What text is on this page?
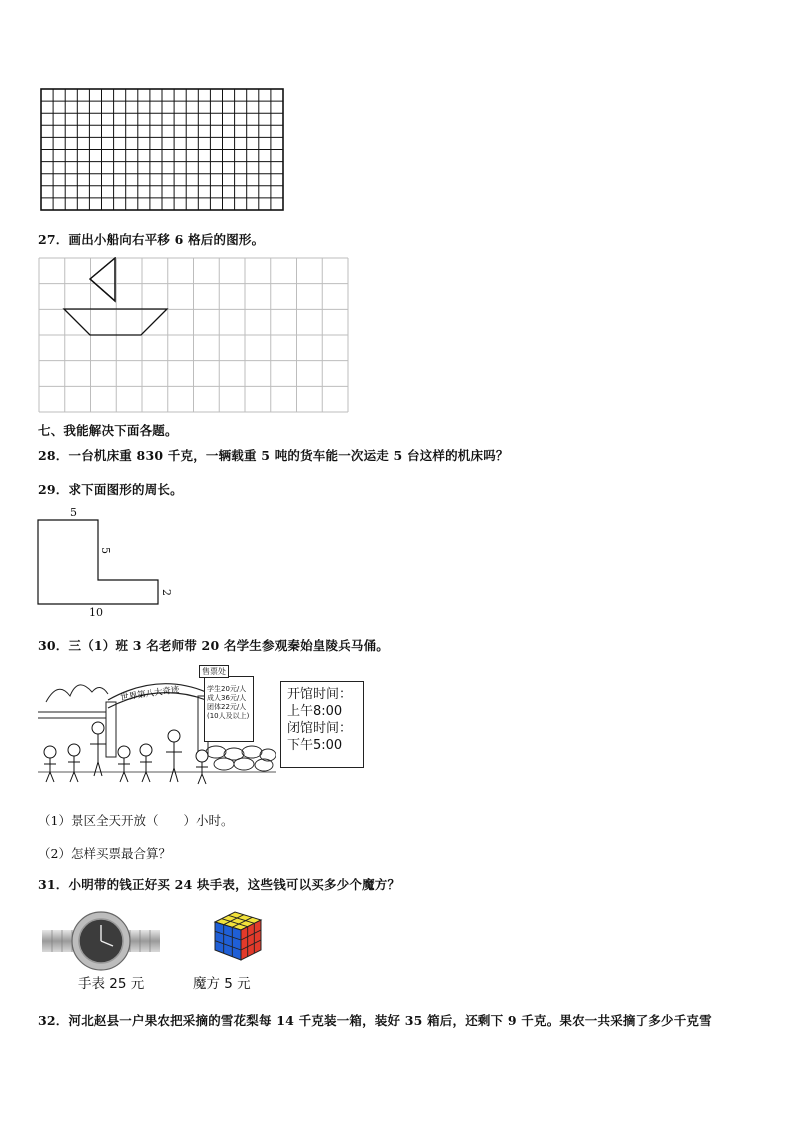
27．画出小船向右平移 6 格后的图形。
七、我能解决下面各题。
28．一台机床重 830 千克，一辆载重 5 吨的货车能一次运走 5 台这样的机床吗？
29．求下面图形的周长。
5
5
2
10
30．三（1）班 3 名老师带 20 名学生参观秦始皇陵兵马俑。
世界第八大奇迹
售票处
学生20元/人
成人36元/人
团体22元/人
(10人及以上)
开馆时间：
上午8:00
闭馆时间：
下午5:00
（1）景区全天开放（　　）小时。
（2）怎样买票最合算？
31．小明带的钱正好买 24 块手表，这些钱可以买多少个魔方？
手表 25 元	魔方 5 元
32．河北赵县一户果农把采摘的雪花梨每 14 千克装一箱，装好 35 箱后，还剩下 9 千克。果农一共采摘了多少千克雪
